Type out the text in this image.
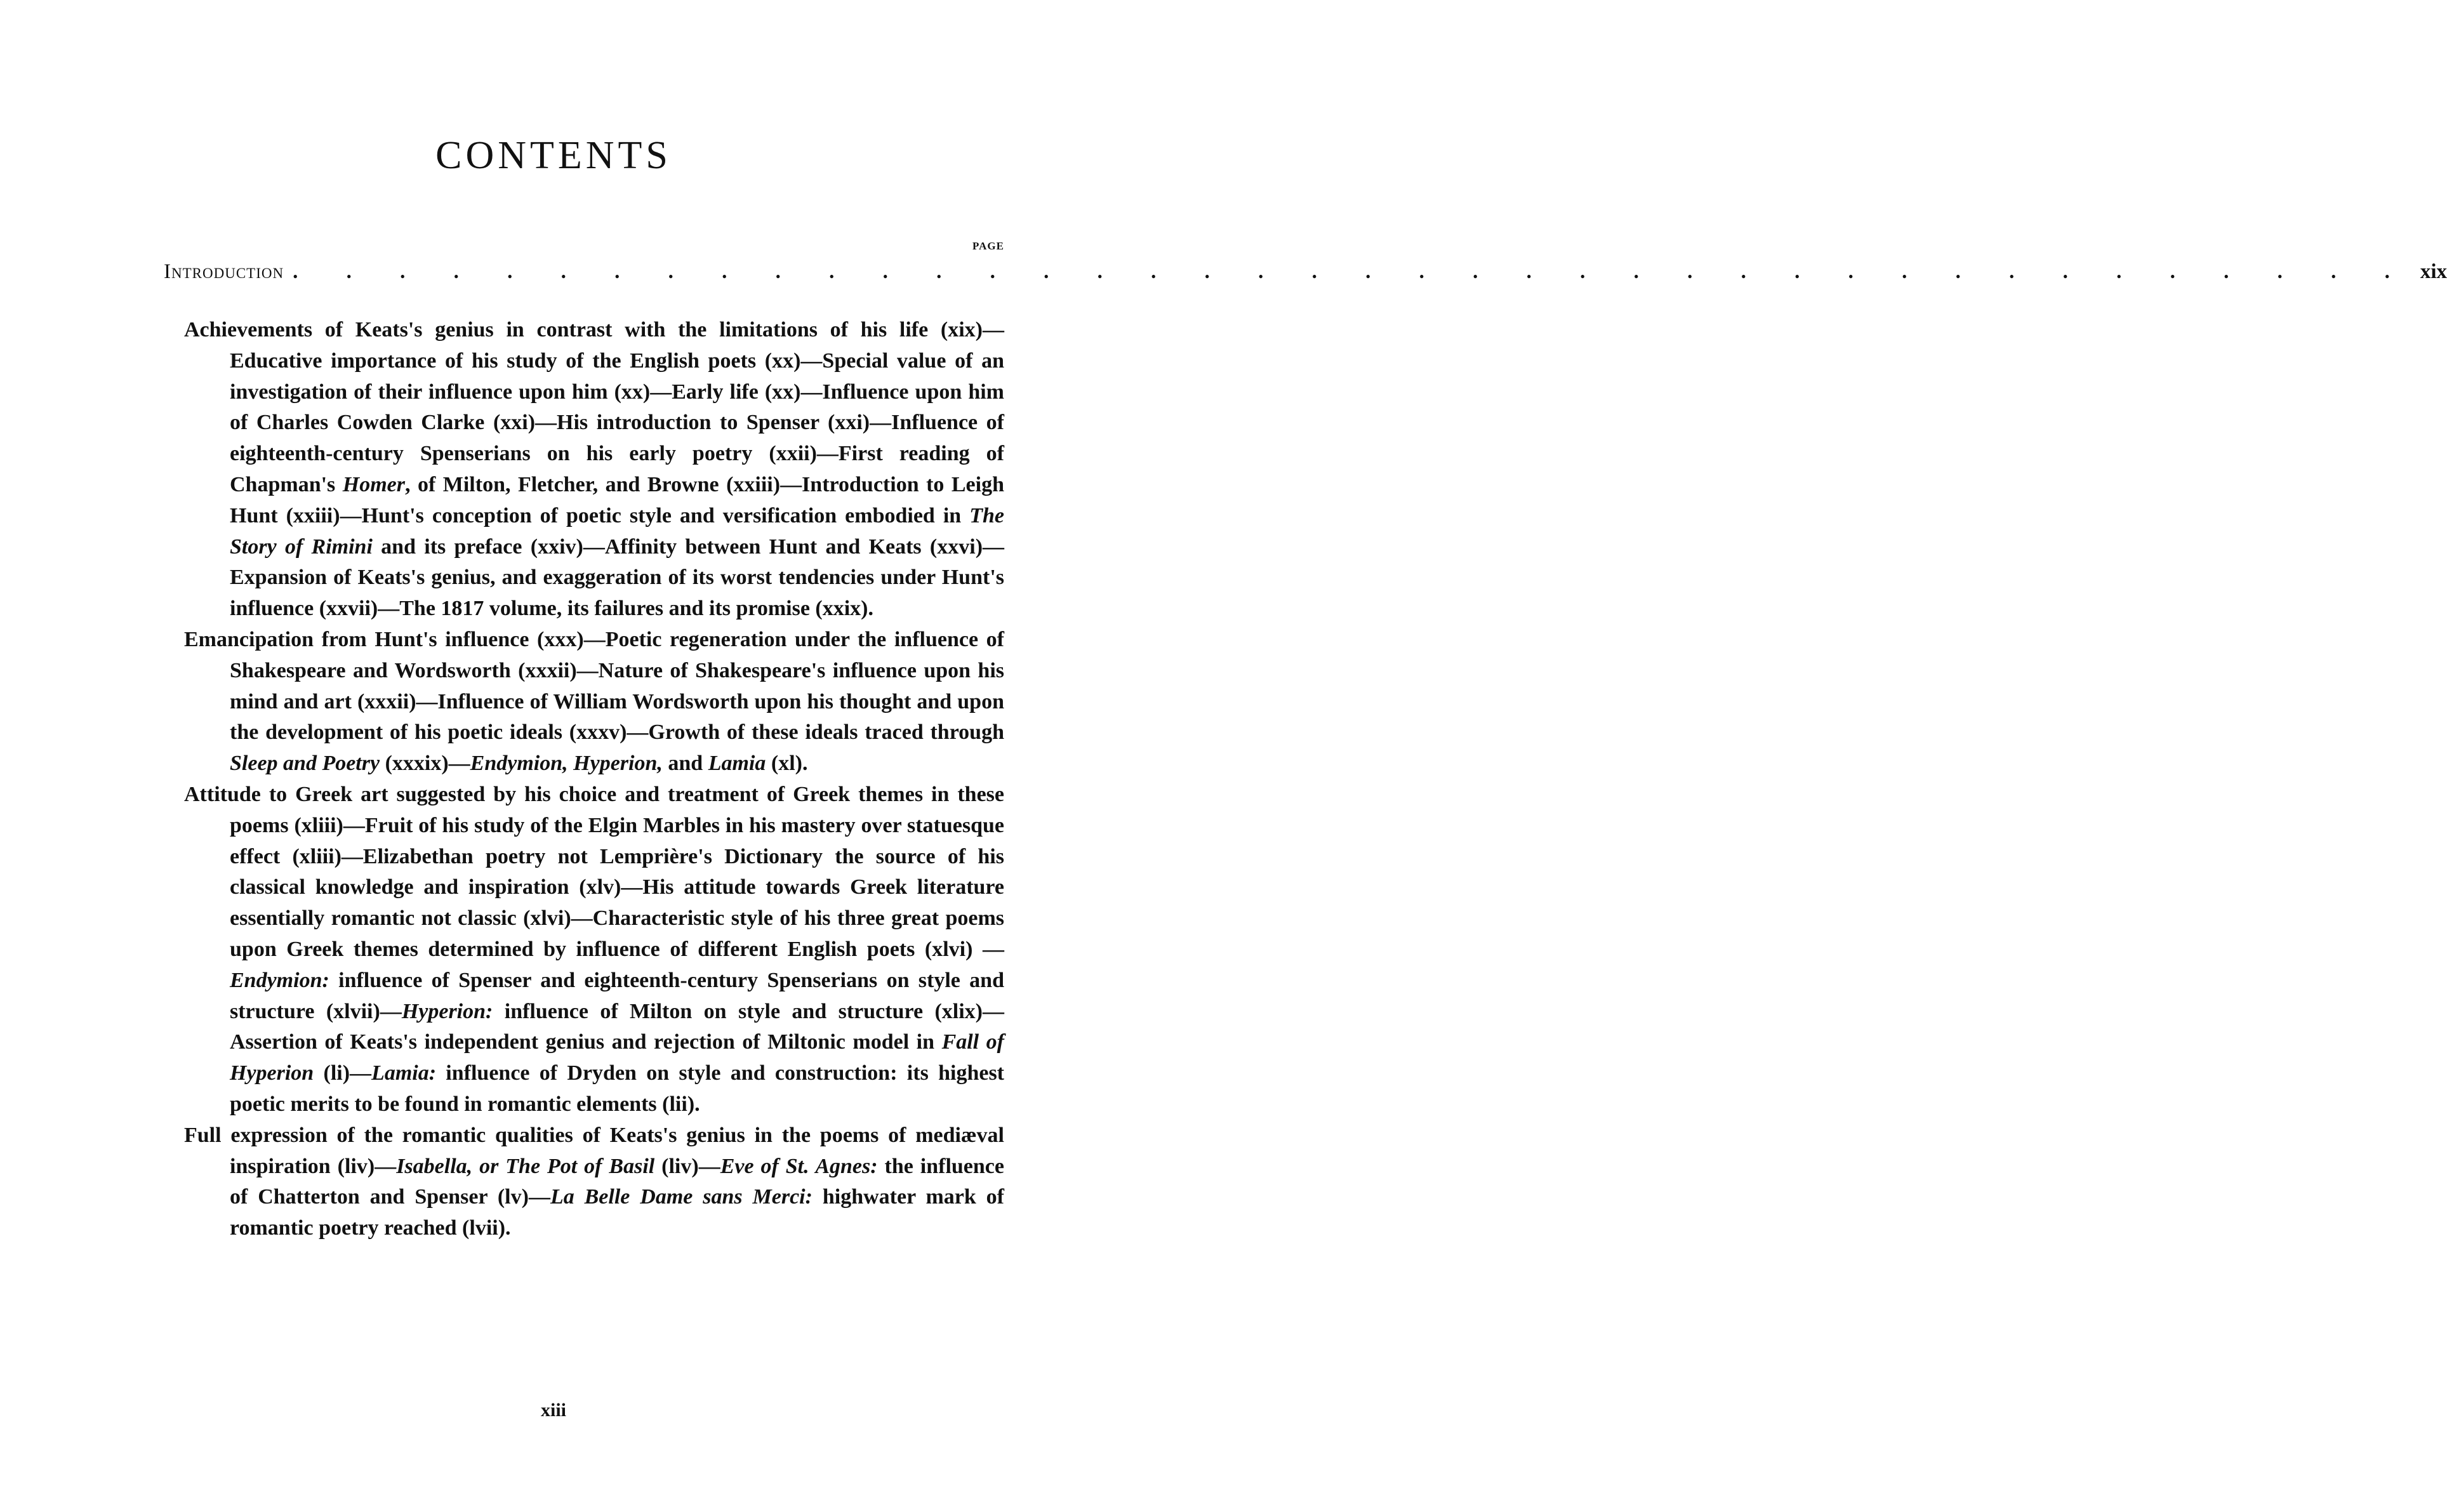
CONTENTS
PAGE
Introduction . . . . . . . . . . . . . . . . . . . . . . . . . . . . . . . . . . . . . . . . xix

Achievements of Keats's genius in contrast with the limitations of his life (xix)—Educative importance of his study of the English poets (xx)—Special value of an investigation of their influence upon him (xx)—Early life (xx)—Influence upon him of Charles Cowden Clarke (xxi)—His introduction to Spenser (xxi)—Influence of eighteenth-century Spenserians on his early poetry (xxii)—First reading of Chapman's Homer, of Milton, Fletcher, and Browne (xxiii)—Introduction to Leigh Hunt (xxiii)—Hunt's conception of poetic style and versification embodied in The Story of Rimini and its preface (xxiv)—Affinity between Hunt and Keats (xxvi)—Expansion of Keats's genius, and exaggeration of its worst tendencies under Hunt's influence (xxvii)—The 1817 volume, its failures and its promise (xxix).

Emancipation from Hunt's influence (xxx)—Poetic regeneration under the influence of Shakespeare and Wordsworth (xxxii)—Nature of Shakespeare's influence upon his mind and art (xxxii)—Influence of William Wordsworth upon his thought and upon the development of his poetic ideals (xxxv)—Growth of these ideals traced through Sleep and Poetry (xxxix)—Endymion, Hyperion, and Lamia (xl).

Attitude to Greek art suggested by his choice and treatment of Greek themes in these poems (xliii)—Fruit of his study of the Elgin Marbles in his mastery over statuesque effect (xliii)—Elizabethan poetry not Lemprière's Dictionary the source of his classical knowledge and inspiration (xlv)—His attitude towards Greek literature essentially romantic not classic (xlvi)—Characteristic style of his three great poems upon Greek themes determined by influence of different English poets (xlvi) — Endymion: influence of Spenser and eighteenth-century Spenserians on style and structure (xlvii)—Hyperion: influence of Milton on style and structure (xlix)—Assertion of Keats's independent genius and rejection of Miltonic model in Fall of Hyperion (li)—Lamia: influence of Dryden on style and construction: its highest poetic merits to be found in romantic elements (lii).

Full expression of the romantic qualities of Keats's genius in the poems of mediæval inspiration (liv)—Isabella, or The Pot of Basil (liv)—Eve of St. Agnes: the influence of Chatterton and Spenser (lv)—La Belle Dame sans Merci: highwater mark of romantic poetry reached (lvii).

xiii
